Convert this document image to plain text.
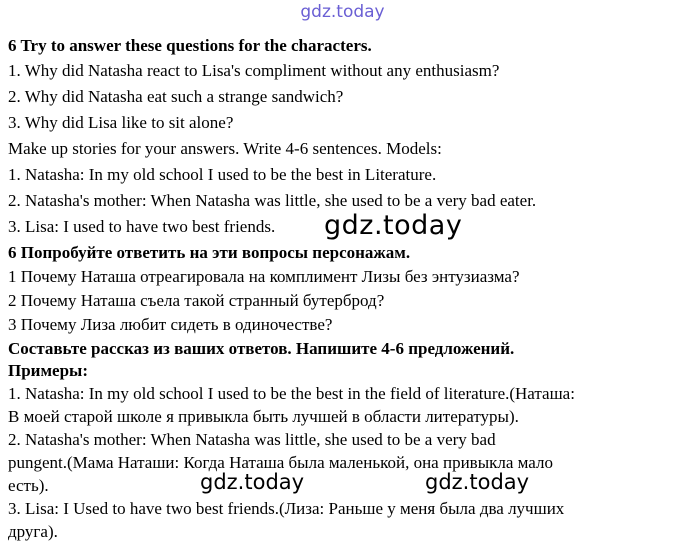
gdz.today
6 Try to answer these questions for the characters.
1. Why did Natasha react to Lisa's compliment without any enthusiasm?
2. Why did Natasha eat such a strange sandwich?
3. Why did Lisa like to sit alone?
Make up stories for your answers. Write 4-6 sentences. Models:
1. Natasha: In my old school I used to be the best in Literature.
2. Natasha's mother: When Natasha was little, she used to be a very bad eater.
3. Lisa: I used to have two best friends. gdz.today
6 Попробуйте ответить на эти вопросы персонажам.
1 Почему Наташа отреагировала на комплимент Лизы без энтузиазма?
2 Почему Наташа съела такой странный бутерброд?
3 Почему Лиза любит сидеть в одиночестве?
Составьте рассказ из ваших ответов. Напишите 4-6 предложений.
Примеры:
1. Natasha: In my old school I used to be the best in the field of literature.(Наташа:
В моей старой школе я привыкла быть лучшей в области литературы).
2. Natasha's mother: When Natasha was little, she used to be a very bad
pungent.(Мама Наташи: Когда Наташа была маленькой, она привыкла мало
есть).	gdz.today	gdz.today
3. Lisa: I Used to have two best friends.(Лиза: Раньше у меня была два лучших
друга).
